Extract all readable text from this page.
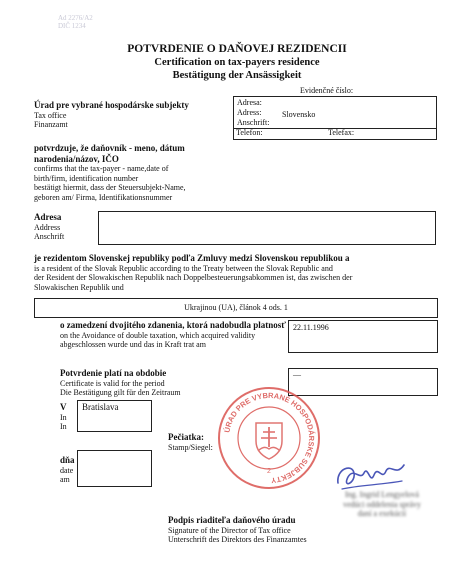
Ad 2276/A2
DIČ 1234
POTVRDENIE O DAŇOVEJ REZIDENCII
Certification on tax-payers residence
Bestätigung der Ansässigkeit
Evidenčné číslo:
Úrad pre vybrané hospodárske subjekty
Tax office
Finanzamt
Adresa:
Adress:
Anschrift:
Slovensko
Telefon:	Telefax:
potvrdzuje, že daňovník - meno, dátum
narodenia/názov, IČO
confirms that the tax-payer - name,date of
birth/firm, identification number
bestätigt hiermit, dass der Steuersubjekt-Name,
geboren am/ Firma, Identifikationsnummer
Adresa
Address
Anschrift
je rezidentom Slovenskej republiky podľa Zmluvy medzi Slovenskou republikou a
is a resident of the Slovak Republic according to the Treaty between the Slovak Republic and
der Resident der Slowakischen Republik nach Doppelbesteuerungsabkommen ist, das zwischen der
Slowakischen Republik und
Ukrajinou (UA), článok 4 ods. 1
o zamedzení dvojitého zdanenia, ktorá nadobudla platnosť
on the Avoidance of double taxation, which acquired validity
abgeschlossen wurde und das in Kraft trat am
22.11.1996
Potvrdenie platí na obdobie
Certificate is valid for the period
Die Bestätigung gilt für den Zeitraum
—
V
In
In
Bratislava
Pečiatka:
Stamp/Siegel:
ÚRAD PRE VYBRANÉ HOSPODÁRSKE SUBJEKTY
2
dňa
date
am
Ing. Ingrid Lengyelová
vedúci oddelenia správy
daní a exekúcií
Podpis riaditeľa daňového úradu
Signature of the Director of Tax office
Unterschrift des Direktors des Finanzamtes
